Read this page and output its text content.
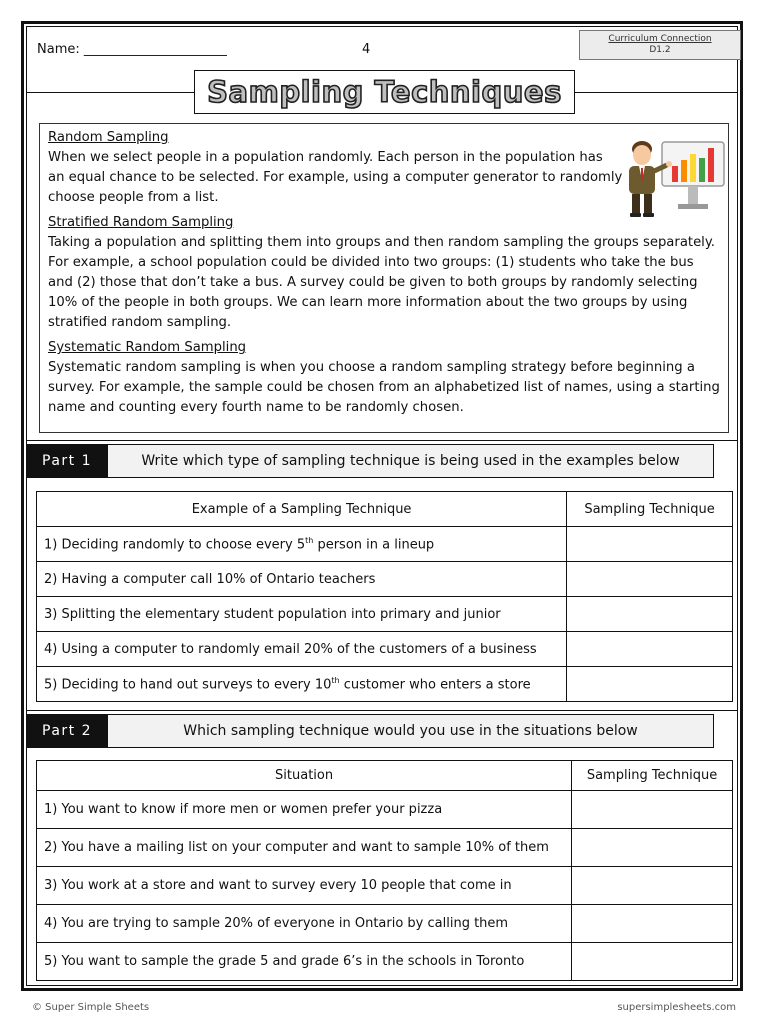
Name: ______________________	4
Curriculum Connection
D1.2
Sampling Techniques

Random Sampling
When we select people in a population randomly. Each person in the population has an equal chance to be selected. For example, using a computer generator to randomly choose people from a list.

Stratified Random Sampling
Taking a population and splitting them into groups and then random sampling the groups separately. For example, a school population could be divided into two groups: (1) students who take the bus and (2) those that don’t take a bus. A survey could be given to both groups by randomly selecting 10% of the people in both groups. We can learn more information about the two groups by using stratified random sampling.

Systematic Random Sampling
Systematic random sampling is when you choose a random sampling strategy before beginning a survey. For example, the sample could be chosen from an alphabetized list of names, using a starting name and counting every fourth name to be randomly chosen.

Part 1	Write which type of sampling technique is being used in the examples below
Example of a Sampling Technique	Sampling Technique
1) Deciding randomly to choose every 5th person in a lineup	
2) Having a computer call 10% of Ontario teachers	
3) Splitting the elementary student population into primary and junior	
4) Using a computer to randomly email 20% of the customers of a business	
5) Deciding to hand out surveys to every 10th customer who enters a store	
Part 2	Which sampling technique would you use in the situations below
Situation	Sampling Technique
1) You want to know if more men or women prefer your pizza	
2) You have a mailing list on your computer and want to sample 10% of them	
3) You work at a store and want to survey every 10 people that come in	
4) You are trying to sample 20% of everyone in Ontario by calling them	
5) You want to sample the grade 5 and grade 6’s in the schools in Toronto	
© Super Simple Sheets	supersimplesheets.com
